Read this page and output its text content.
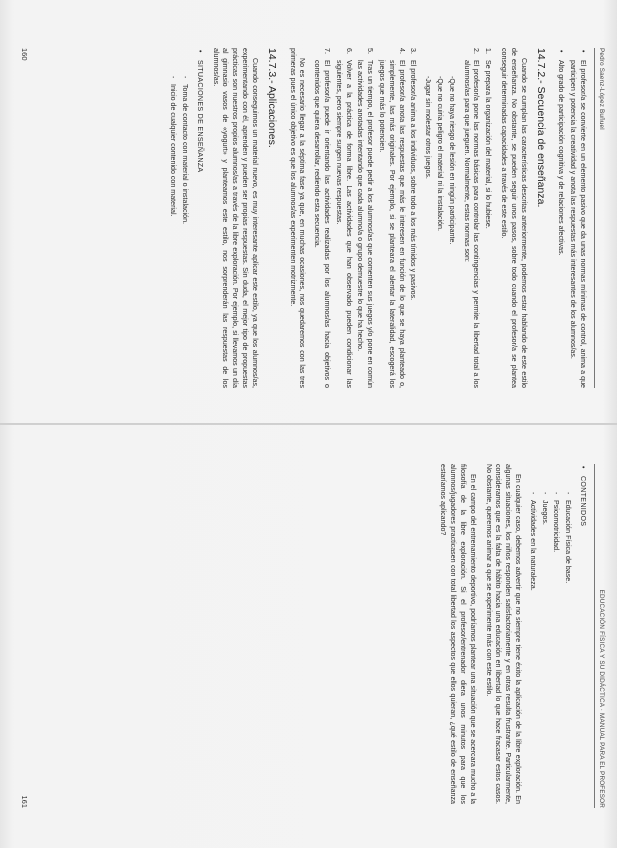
Pedro Saenz-López Buñuel
• El profesor/a se convierte en un elemento pasivo que da unas normas mínimas de control, anima a que participen y potencia la creatividad y anota las respuestas más interesantes de los alumnos/as.
• Alto grado de participación cognitiva y de relaciones afectivas.
14.7.2.- Secuencia de enseñanza.

Cuando se cumplan las características descritas anteriormente, podemos estar hablando de este estilo de enseñanza. No obstante, se pueden seguir unos pasos, sobre todo cuando el profesor/a se plantea conseguir determinadas capacidades a través de este estilo.

1.
Se prepara la organización del material, si lo hubiese.
2.
El profesor/a pone las normas básicas para controlar las contingencias y permite la libertad total a los alumnos/as para que jueguen. Normalmente, estas normas son:
-Que no haya riesgo de lesión en ningún participante.
-Que no cuiria peligro el material ni la instalación.
-Jugar sin molestar otros juegos.
3.
El profesor/a anima a los individuos, sobre todo a los más tímidos y pasivos.
4.
El profesor/a anota las respuestas que más le interesen en función de lo que se haya planteado o, simplemente, las más originales. Por ejemplo, si se planteara el alentar la lateralidad, escogerá los juegos que más lo potencien.
5.
Tras un tiempo, el profesor puede pedir a los alumnos/as que comenten sus juegos y/o pone en común las actividades anotadas intentando que cada alumno/a o grupo demuestre lo que ha hecho.
6.
Volver a la práctica de forma libre. Las actividades que han observado pueden condicionar las siguientes, pero siempre surgen nuevas respuestas.
7.
El profesor/a puede ir orientando las actividades realizadas por los alumnos/as hacia objetivos o contenidos que quiera desarrollar, rediendo esta secuencia.

No es necesario llegar a la séptima fase ya que, en muchas ocasiones, nos quedaremos con las tres primeras pues el único objetivo es que los alumnos/as experimenten motrizmente.

14.7.3.- Aplicaciones.

Cuando conseguimos un material nuevo, es muy interesante aplicar este estilo, ya que los alumnos/as, experimentando con él, aprenden y pueden ser propias respuestas. Sin duda, el mejor tipo de propuestas prácticas son nuestros propios alumnos/as a través de la libre exploración. Por ejemplo, si llevamos un día al gimnasio vasos de «yogurt» y planteamos este estilo, nos sorprenderán las respuestas de los alumnos/as.

• SITUACIONES DE ENSEÑANZA
- Toma de contacto con material o instalación.
- Inicio de cualquier contenido con material.
160
EDUCACIÓN FÍSICA Y SU DIDÁCTICA · MANUAL PARA EL PROFESOR
• CONTENIDOS
- Educación Física de base.
- Psicomotricidad.
- Juegos.
- Actividades en la naturaleza.

En cualquier caso, debemos advertir que no siempre tiene éxito la aplicación de la libre exploración. En algunas situaciones, los niños responden satisfactoriamente y en otras resulta frustrante. Particularmente, consideramos que es la falta de hábito hacia una educación en libertad lo que hace fracasar estos casos. No obstante, queremos animar a que se experimente más con este estilo.

En el campo del entrenamiento deportivo, podríamos plantear una situación que se acercara mucho a la filosofía de la libre exploración. Si el profesor/entrenador diera unos minutos para que los alumnos/jugadores practicasen con total libertad los aspectos que ellos quieran, ¿qué estilo de enseñanza estaríamos aplicando?

161
